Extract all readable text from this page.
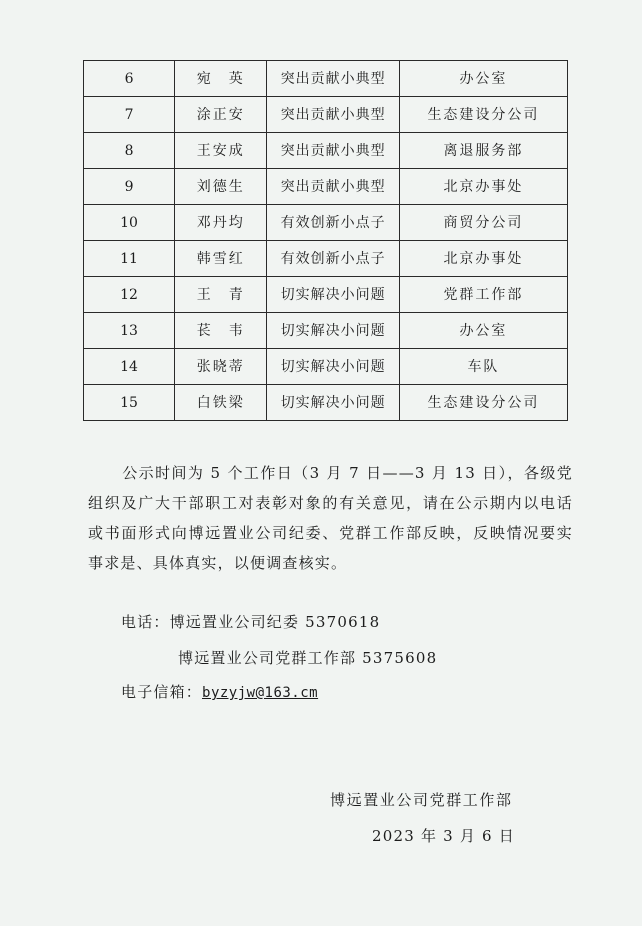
6	宛　英	突出贡献小典型	办公室
7	涂正安	突出贡献小典型	生态建设分公司
8	王安成	突出贡献小典型	离退服务部
9	刘德生	突出贡献小典型	北京办事处
10	邓丹均	有效创新小点子	商贸分公司
11	韩雪红	有效创新小点子	北京办事处
12	王　青	切实解决小问题	党群工作部
13	苌　韦	切实解决小问题	办公室
14	张晓蒂	切实解决小问题	车队
15	白铁梁	切实解决小问题	生态建设分公司
公示时间为 5 个工作日（3 月 7 日——3 月 13 日），各级党组织及广大干部职工对表彰对象的有关意见，请在公示期内以电话或书面形式向博远置业公司纪委、党群工作部反映，反映情况要实事求是、具体真实，以便调查核实。
电话：博远置业公司纪委 5370618
博远置业公司党群工作部 5375608
电子信箱：byzyjw@163.cm
博远置业公司党群工作部
2023 年 3 月 6 日
